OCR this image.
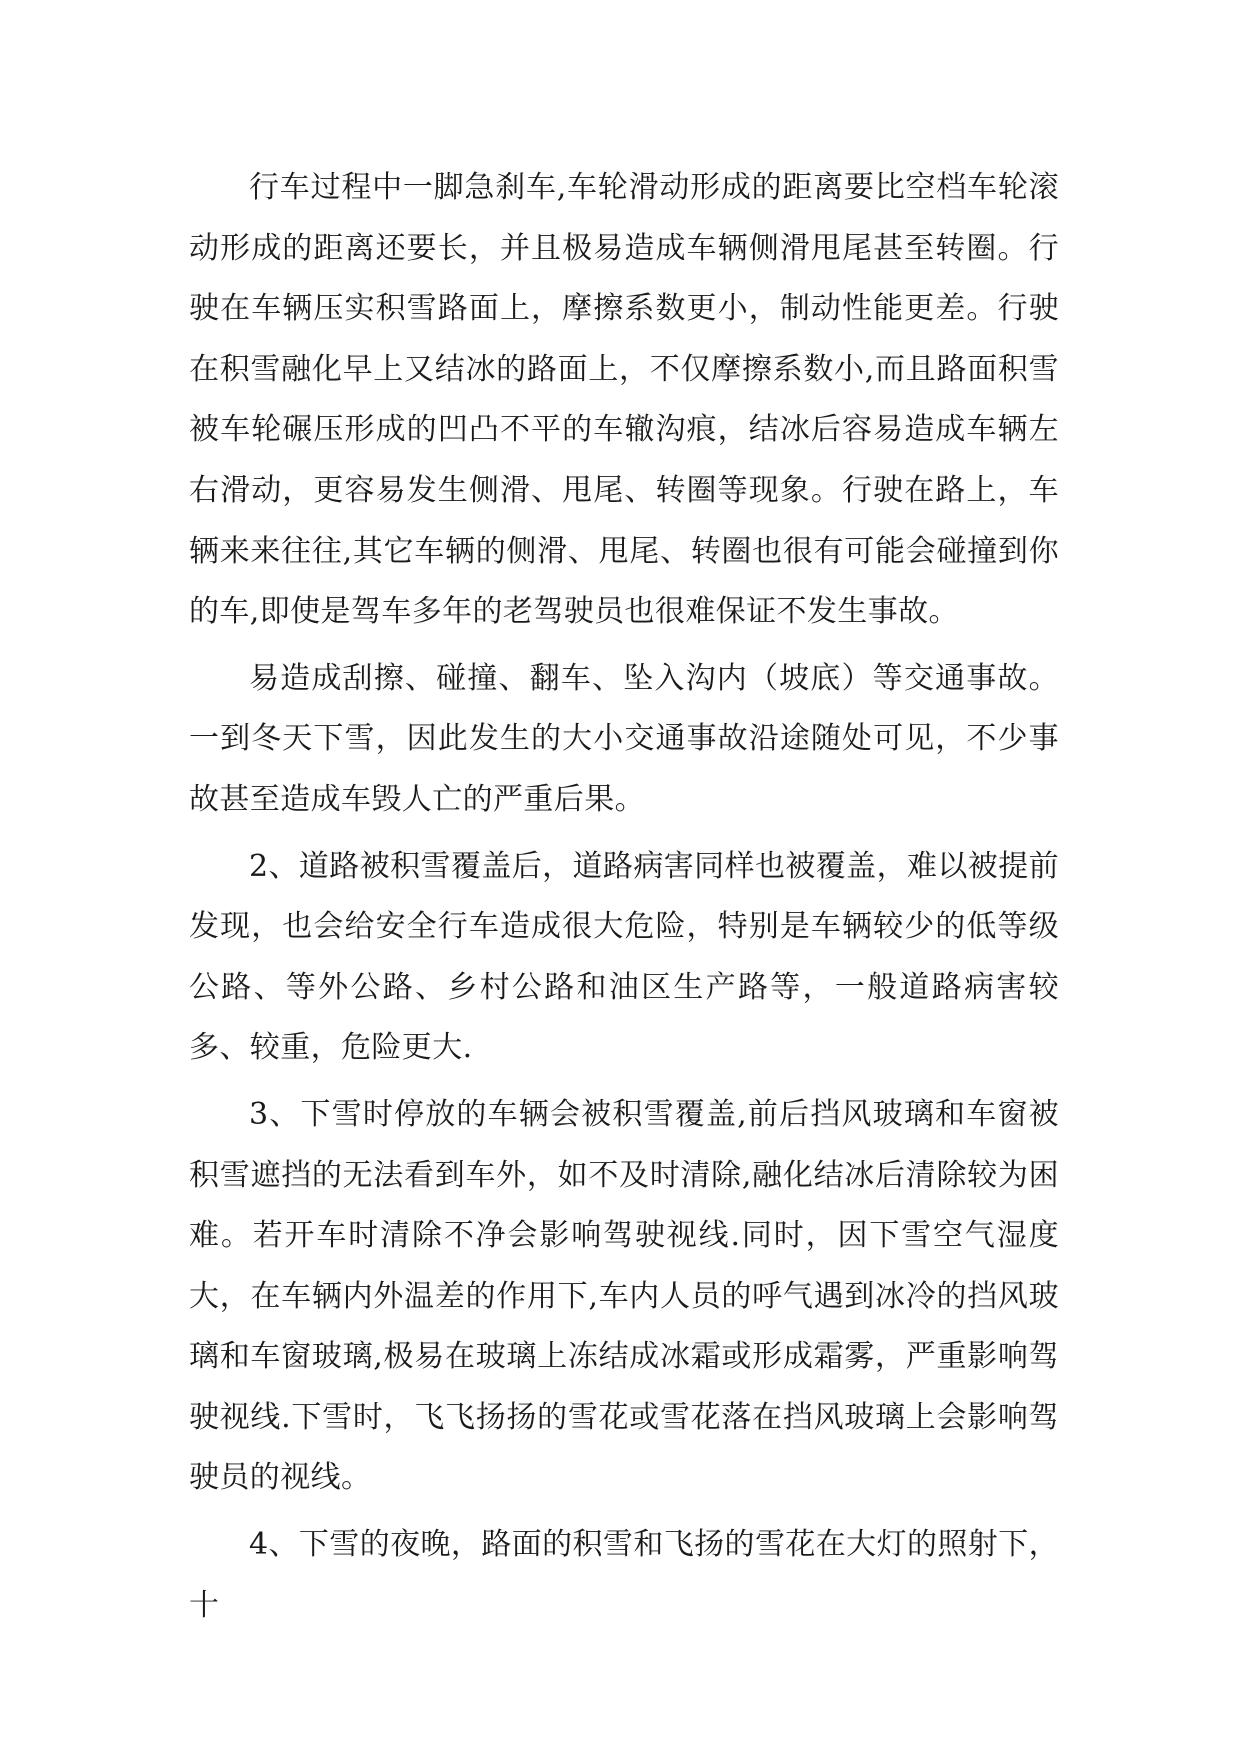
行车过程中一脚急刹车,车轮滑动形成的距离要比空档车轮滚动形成的距离还要长，并且极易造成车辆侧滑甩尾甚至转圈。行驶在车辆压实积雪路面上，摩擦系数更小，制动性能更差。行驶在积雪融化早上又结冰的路面上，不仅摩擦系数小,而且路面积雪被车轮碾压形成的凹凸不平的车辙沟痕，结冰后容易造成车辆左右滑动，更容易发生侧滑、甩尾、转圈等现象。行驶在路上，车辆来来往往,其它车辆的侧滑、甩尾、转圈也很有可能会碰撞到你的车,即使是驾车多年的老驾驶员也很难保证不发生事故。

易造成刮擦、碰撞、翻车、坠入沟内（坡底）等交通事故。一到冬天下雪，因此发生的大小交通事故沿途随处可见，不少事故甚至造成车毁人亡的严重后果。

2、道路被积雪覆盖后，道路病害同样也被覆盖，难以被提前发现，也会给安全行车造成很大危险，特别是车辆较少的低等级公路、等外公路、乡村公路和油区生产路等，一般道路病害较多、较重，危险更大.

3、下雪时停放的车辆会被积雪覆盖,前后挡风玻璃和车窗被积雪遮挡的无法看到车外，如不及时清除,融化结冰后清除较为困难。若开车时清除不净会影响驾驶视线.同时，因下雪空气湿度大，在车辆内外温差的作用下,车内人员的呼气遇到冰冷的挡风玻璃和车窗玻璃,极易在玻璃上冻结成冰霜或形成霜雾，严重影响驾驶视线.下雪时，飞飞扬扬的雪花或雪花落在挡风玻璃上会影响驾驶员的视线。

4、下雪的夜晚，路面的积雪和飞扬的雪花在大灯的照射下，十
